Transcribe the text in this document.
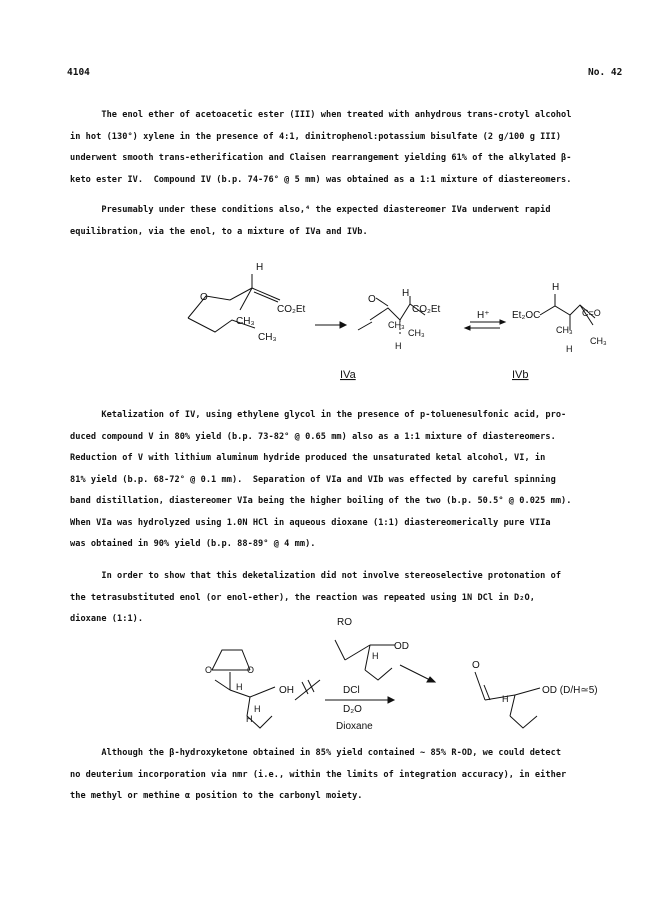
4104	No. 42
The enol ether of acetoacetic ester (III) when treated with anhydrous trans-crotyl alcohol
in hot (130°) xylene in the presence of 4:1, dinitrophenol:potassium bisulfate (2 g/100 g III)
underwent smooth trans-etherification and Claisen rearrangement yielding 61% of the alkylated β-
keto ester IV.  Compound IV (b.p. 74-76° @ 5 mm) was obtained as a 1:1 mixture of diastereomers.
Presumably under these conditions also,⁴ the expected diastereomer IVa underwent rapid
equilibration, via the enol, to a mixture of IVa and IVb.
H
O
CO₂Et
CH₃
CH₃
O
H
CO₂Et
CH₃
CH₃
H
H⁺ Et₂OC
H
C=O
CH₃
CH₃
H
IVa	IVb
Ketalization of IV, using ethylene glycol in the presence of p-toluenesulfonic acid, pro-
duced compound V in 80% yield (b.p. 73-82° @ 0.65 mm) also as a 1:1 mixture of diastereomers.
Reduction of V with lithium aluminum hydride produced the unsaturated ketal alcohol, VI, in
81% yield (b.p. 68-72° @ 0.1 mm).  Separation of VIa and VIb was effected by careful spinning
band distillation, diastereomer VIa being the higher boiling of the two (b.p. 50.5° @ 0.025 mm).
When VIa was hydrolyzed using 1.0N HCl in aqueous dioxane (1:1) diastereomerically pure VIIa
was obtained in 90% yield (b.p. 88-89° @ 4 mm).
In order to show that this deketalization did not involve stereoselective protonation of
the tetrasubstituted enol (or enol-ether), the reaction was repeated using 1N DCl in D₂O,
dioxane (1:1).	RO
OD
H
O	O
H	OH
H
H
DCl
D₂O
Dioxane
O
H
OD (D/H≃5)
Although the β-hydroxyketone obtained in 85% yield contained ~ 85% R-OD, we could detect
no deuterium incorporation via nmr (i.e., within the limits of integration accuracy), in either
the methyl or methine α position to the carbonyl moiety.
